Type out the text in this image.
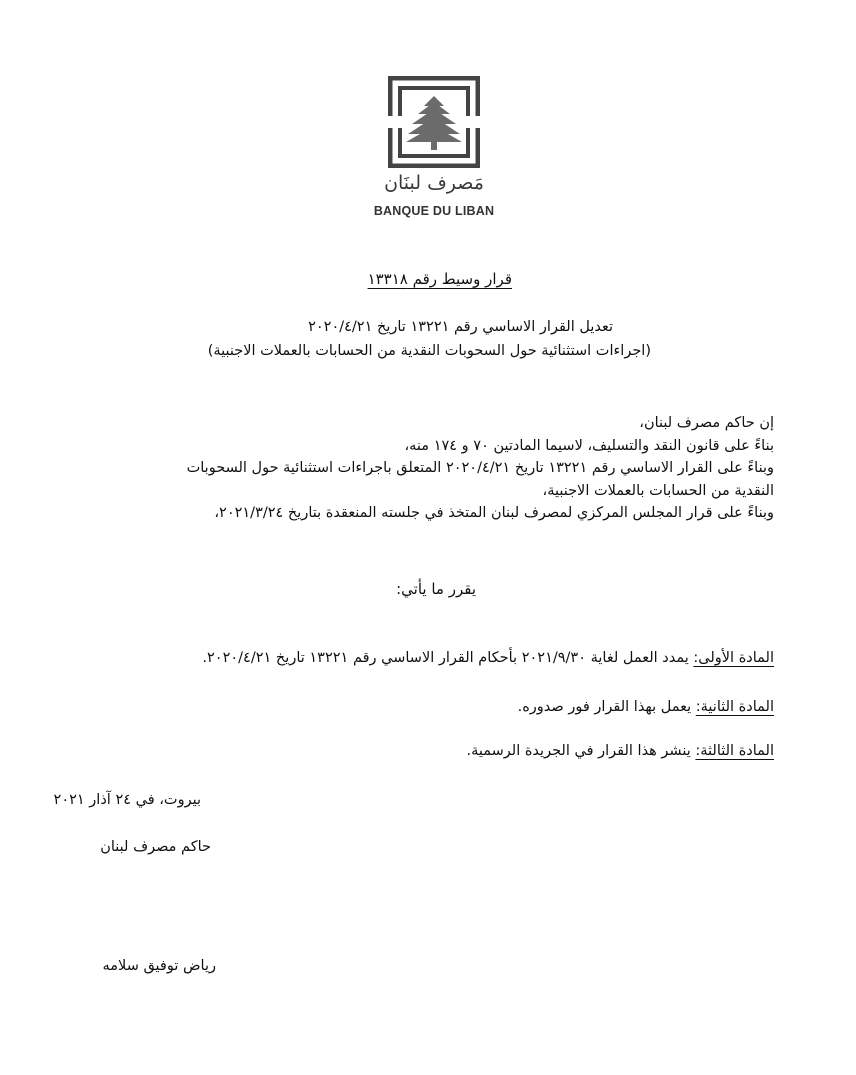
مَصرف لبنَان
BANQUE DU LIBAN
قرار وسيط رقم ١٣٣١٨
تعديل القرار الاساسي رقم ١٣٢٢١ تاريخ ٢٠٢٠/٤/٢١
(اجراءات استثنائية حول السحوبات النقدية من الحسابات بالعملات الاجنبية)
إن حاكم مصرف لبنان،
بناءً على قانون النقد والتسليف، لاسيما المادتين ٧٠ و ١٧٤ منه،
وبناءً على القرار الاساسي رقم ١٣٢٢١ تاريخ ٢٠٢٠/٤/٢١ المتعلق باجراءات استثنائية حول السحوبات
النقدية من الحسابات بالعملات الاجنبية،
وبناءً على قرار المجلس المركزي لمصرف لبنان المتخذ في جلسته المنعقدة بتاريخ ٢٠٢١/٣/٢٤،
يقرر ما يأتي:
المادة الأولى: يمدد العمل لغاية ٢٠٢١/٩/٣٠ بأحكام القرار الاساسي رقم ١٣٢٢١ تاريخ ٢٠٢٠/٤/٢١.
المادة الثانية: يعمل بهذا القرار فور صدوره.
المادة الثالثة: ينشر هذا القرار في الجريدة الرسمية.
بيروت، في ٢٤ آذار ٢٠٢١
حاكم مصرف لبنان
رياض توفيق سلامه
